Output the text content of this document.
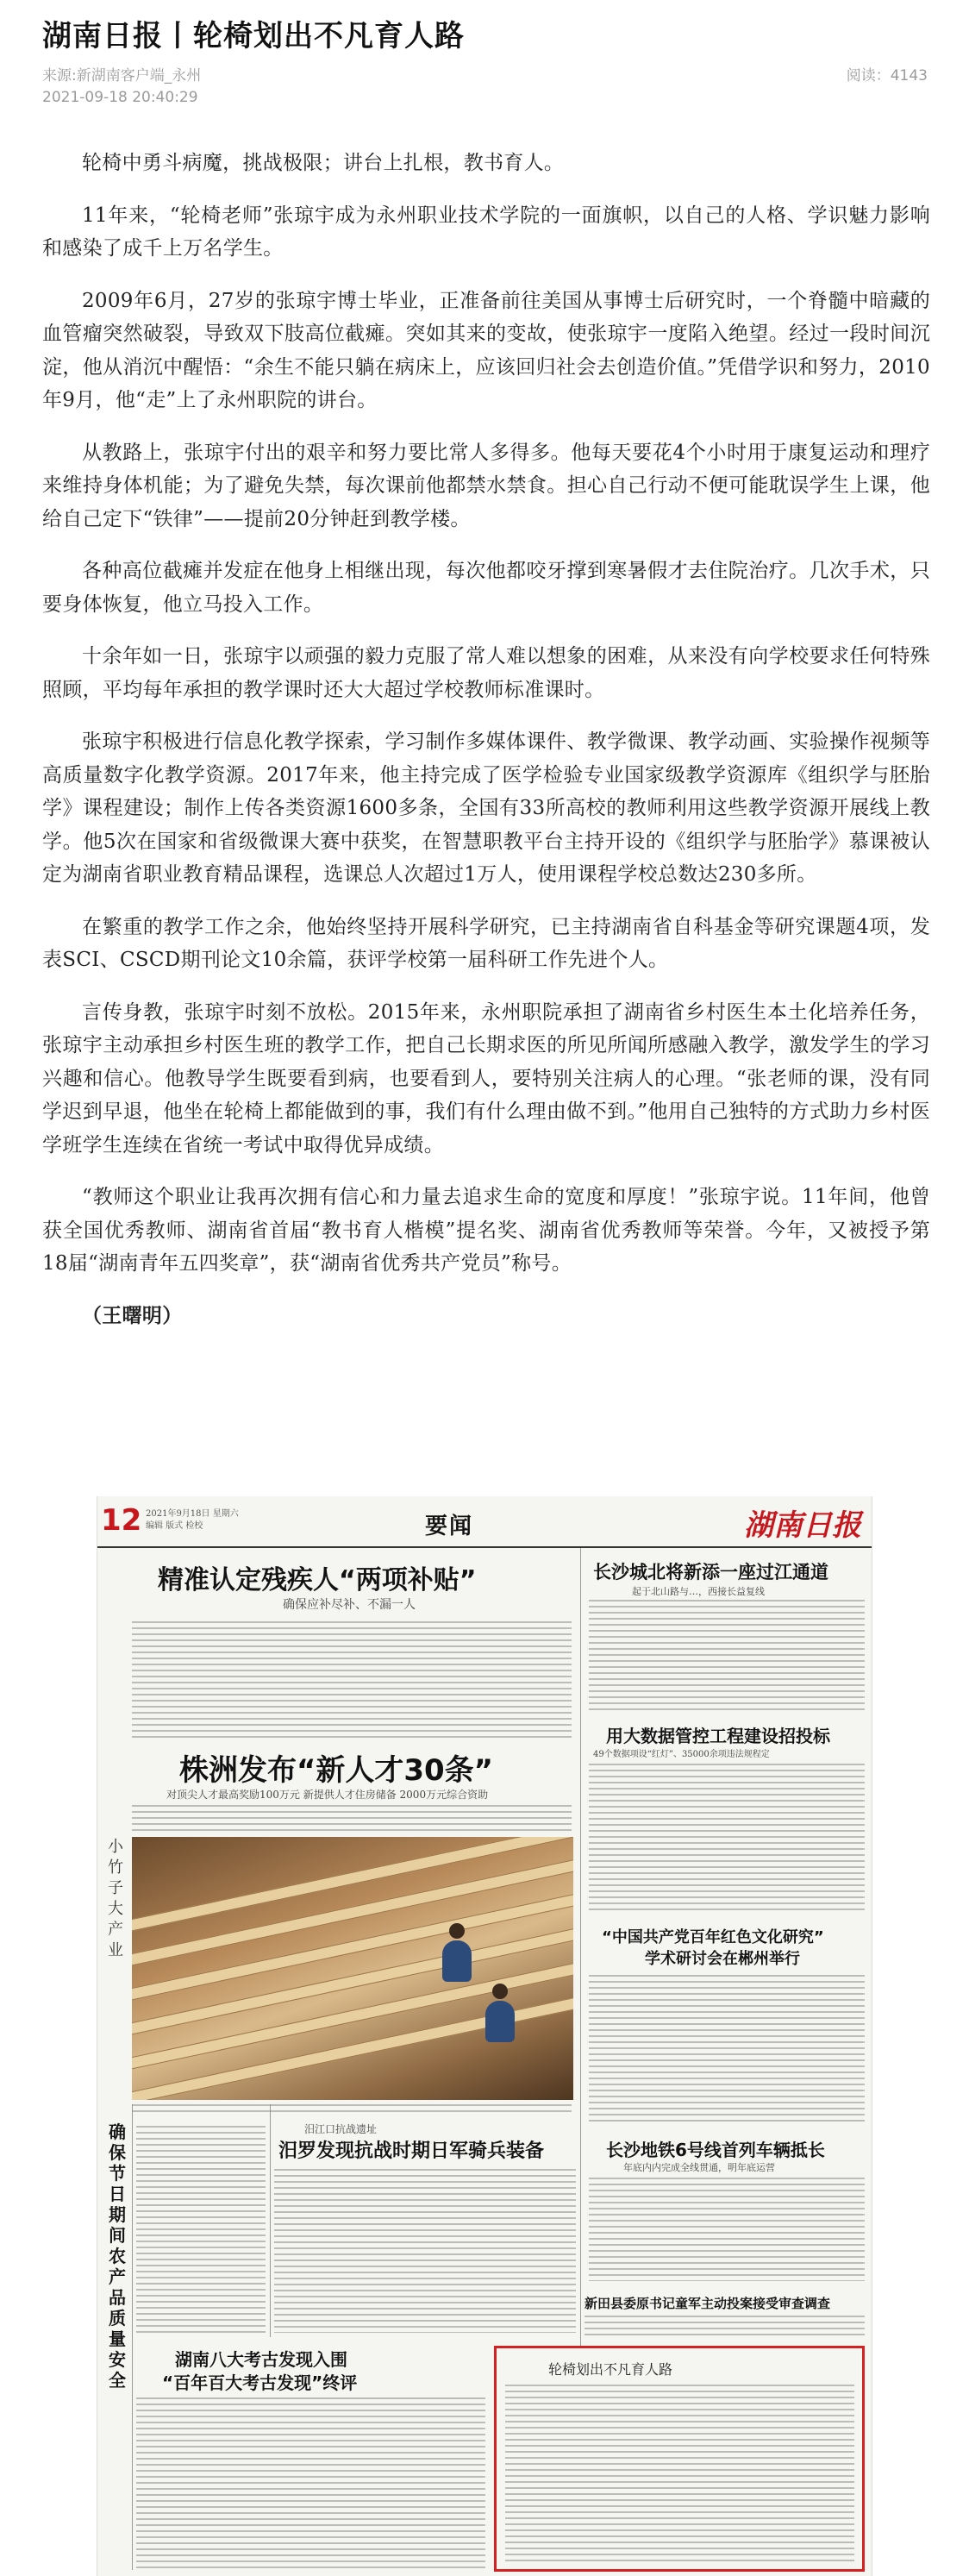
湖南日报丨轮椅划出不凡育人路
来源:新湖南客户端_永州
2021-09-18 20:40:29
阅读：4143

轮椅中勇斗病魔，挑战极限；讲台上扎根，教书育人。

11年来，“轮椅老师”张琼宇成为永州职业技术学院的一面旗帜，以自己的人格、学识魅力影响和感染了成千上万名学生。

2009年6月，27岁的张琼宇博士毕业，正准备前往美国从事博士后研究时，一个脊髓中暗藏的血管瘤突然破裂，导致双下肢高位截瘫。突如其来的变故，使张琼宇一度陷入绝望。经过一段时间沉淀，他从消沉中醒悟：“余生不能只躺在病床上，应该回归社会去创造价值。”凭借学识和努力，2010年9月，他“走”上了永州职院的讲台。

从教路上，张琼宇付出的艰辛和努力要比常人多得多。他每天要花4个小时用于康复运动和理疗来维持身体机能；为了避免失禁，每次课前他都禁水禁食。担心自己行动不便可能耽误学生上课，他给自己定下“铁律”——提前20分钟赶到教学楼。

各种高位截瘫并发症在他身上相继出现，每次他都咬牙撑到寒暑假才去住院治疗。几次手术，只要身体恢复，他立马投入工作。

十余年如一日，张琼宇以顽强的毅力克服了常人难以想象的困难，从来没有向学校要求任何特殊照顾，平均每年承担的教学课时还大大超过学校教师标准课时。

张琼宇积极进行信息化教学探索，学习制作多媒体课件、教学微课、教学动画、实验操作视频等高质量数字化教学资源。2017年来，他主持完成了医学检验专业国家级教学资源库《组织学与胚胎学》课程建设；制作上传各类资源1600多条，全国有33所高校的教师利用这些教学资源开展线上教学。他5次在国家和省级微课大赛中获奖，在智慧职教平台主持开设的《组织学与胚胎学》慕课被认定为湖南省职业教育精品课程，选课总人次超过1万人，使用课程学校总数达230多所。

在繁重的教学工作之余，他始终坚持开展科学研究，已主持湖南省自科基金等研究课题4项，发表SCI、CSCD期刊论文10余篇，获评学校第一届科研工作先进个人。

言传身教，张琼宇时刻不放松。2015年来，永州职院承担了湖南省乡村医生本土化培养任务，张琼宇主动承担乡村医生班的教学工作，把自己长期求医的所见所闻所感融入教学，激发学生的学习兴趣和信心。他教导学生既要看到病，也要看到人，要特别关注病人的心理。“张老师的课，没有同学迟到早退，他坐在轮椅上都能做到的事，我们有什么理由做不到。”他用自己独特的方式助力乡村医学班学生连续在省统一考试中取得优异成绩。

“教师这个职业让我再次拥有信心和力量去追求生命的宽度和厚度！”张琼宇说。11年间，他曾获全国优秀教师、湖南省首届“教书育人楷模”提名奖、湖南省优秀教师等荣誉。今年，又被授予第18届“湖南青年五四奖章”，获“湖南省优秀共产党员”称号。

（王曙明）

12 2021年9月18日 星期六
编辑 版式 检校	要闻	湖南日报
精准认定残疾人“两项补贴”
确保应补尽补、不漏一人
株洲发布“新人才30条”
对顶尖人才最高奖励100万元 新提供人才住房储备 2000万元综合资助
小竹子大产业
确保节日期间农产品质量安全
汨江口抗战遗址
汨罗发现抗战时期日军骑兵装备
湖南八大考古发现入围
“百年百大考古发现”终评
长沙城北将新添一座过江通道
起于北山路与…，西接长益复线
用大数据管控工程建设招投标
49个数据项设“红灯”、35000余项违法规程定
“中国共产党百年红色文化研究”
学术研讨会在郴州举行
长沙地铁6号线首列车辆抵长
年底内内完成全线贯通，明年底运营
新田县委原书记童军主动投案接受审查调查
轮椅划出不凡育人路
